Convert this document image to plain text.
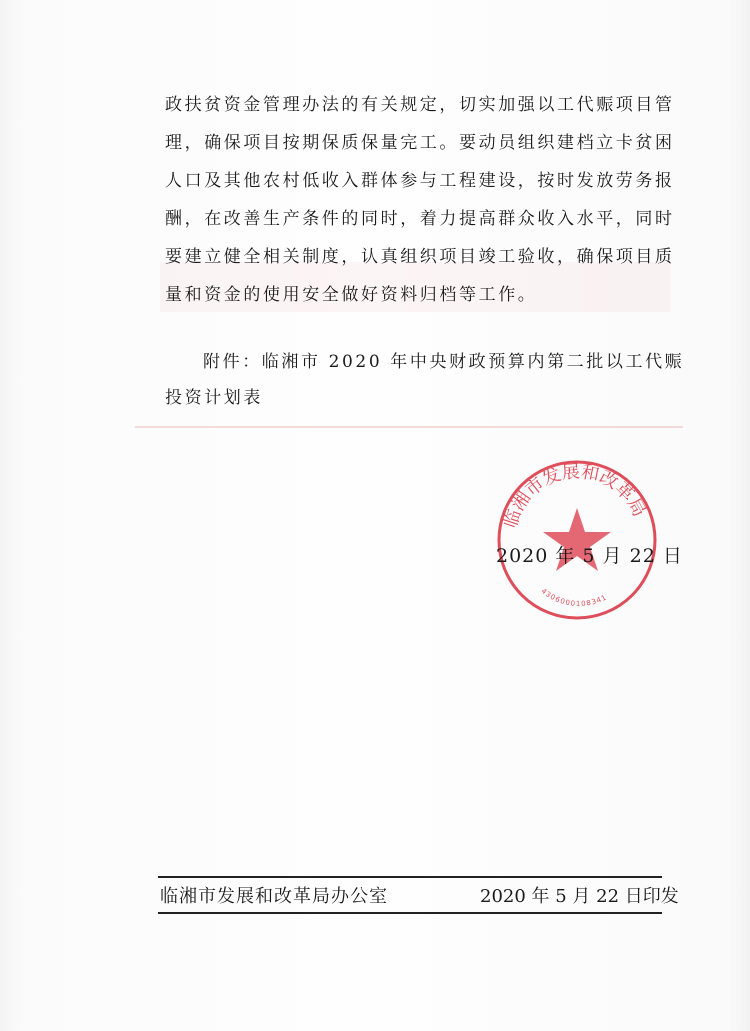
政扶贫资金管理办法的有关规定，切实加强以工代赈项目管
理，确保项目按期保质保量完工。要动员组织建档立卡贫困
人口及其他农村低收入群体参与工程建设，按时发放劳务报
酬，在改善生产条件的同时，着力提高群众收入水平，同时
要建立健全相关制度，认真组织项目竣工验收，确保项目质
量和资金的使用安全做好资料归档等工作。
附件：临湘市 2020 年中央财政预算内第二批以工代赈
投资计划表
临湘市发展和改革局
4306000108341
2020 年 5 月 22 日
临湘市发展和改革局办公室	2020 年 5 月 22 日印发
